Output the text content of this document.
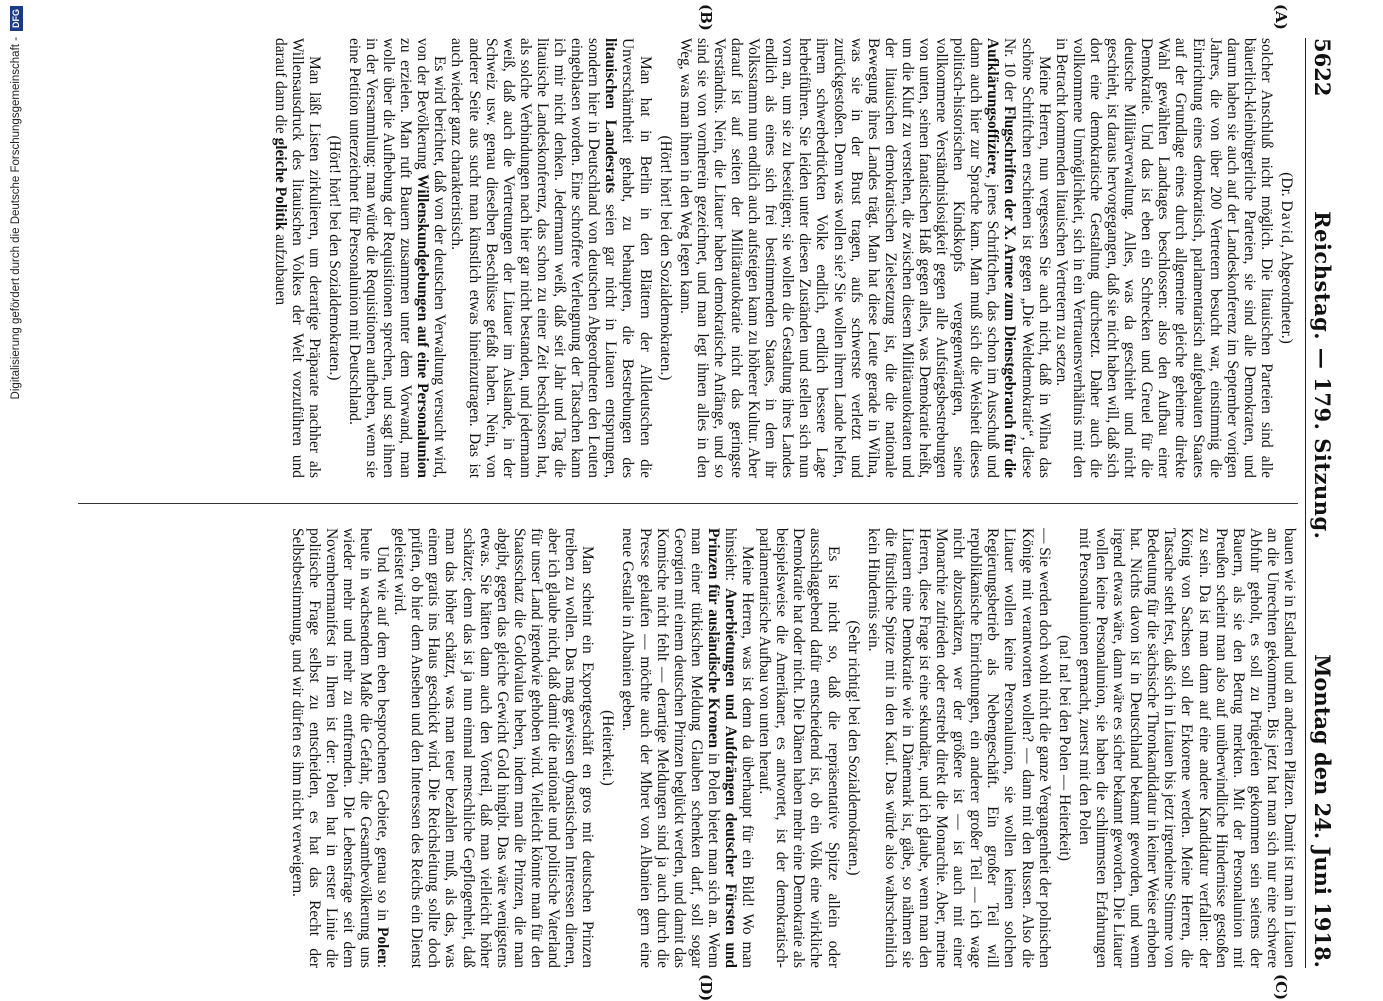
5622
Reichstag. — 179. Sitzung.
Montag den 24. Juni 1918.
(A)
(B)
(C)
(D)

(Dr. David, Abgeordneter.)

solcher Anschluß nicht möglich. Die litauischen Parteien sind alle bäuerlich-kleinbürgerliche Parteien, sie sind alle Demokraten, und darum haben sie auch auf der Landeskonferenz im September vorigen Jahres, die von über 200 Vertretern besucht war, einstimmig die Einrichtung eines demokratisch, parlamentarisch aufgebauten Staates auf der Grundlage eines durch allgemeine gleiche geheime direkte Wahl gewählten Landtages beschlossen: also den Aufbau einer Demokratie. Und das ist eben ein Schrecken und Greuel für die deutsche Militärverwaltung. Alles, was da geschieht und nicht geschieht, ist daraus hervorgegangen, daß sie nicht haben will, daß sich dort eine demokratische Gestaltung durchsetzt. Daher auch die vollkommene Unmöglichkeit, sich in ein Vertrauensverhältnis mit den in Betracht kommenden litauischen Vertretern zu setzen.

Meine Herren, nun vergessen Sie auch nicht, daß in Wilna das schöne Schriftchen erschienen ist gegen „Die Weltdemokratie“, diese Nr. 10 der Flugschriften der X. Armee zum Dienstgebrauch für die Aufklärungsoffiziere, jenes Schriftchen, das schon im Ausschuß und dann auch hier zur Sprache kam. Man muß sich die Weisheit dieses politisch-historischen Kindskopfs vergegenwärtigen, seine vollkommene Verständnislosigkeit gegen alle Aufstiegsbestrebungen von unten, seinen fanatischen Haß gegen alles, was Demokratie heißt, um die Kluft zu verstehen, die zwischen diesem Militärautokraten und der litauischen demokratischen Zielsetzung ist, die die nationale Bewegung ihres Landes trägt. Man hat diese Leute gerade in Wilna, was sie in der Brust tragen, aufs schwerste verletzt und zurückgestoßen. Denn was wollen sie? Sie wollen ihrem Lande helfen, ihrem schwerbedrückten Volke endlich, endlich bessere Lage herbeiführen. Sie leiden unter diesen Zuständen und stellen sich nun vorn an, um sie zu beseitigen; sie wollen die Gestaltung ihres Landes endlich als eines sich frei bestimmenden Staates, in dem ihr Volksstamm nun endlich auch aufsteigen kann zu höherer Kultur. Aber darauf ist auf seiten der Militärautokratie nicht das geringste Verständnis. Nein, die Litauer haben demokratische Anfänge, und so sind sie von vornherein gezeichnet, und man legt ihnen alles in den Weg, was man ihnen in den Weg legen kann.

(Hört! hört! bei den Sozialdemokraten.)

Man hat in Berlin in den Blättern der Alldeutschen die Unverschämtheit gehabt, zu behaupten, die Bestrebungen des litauischen Landesrats seien gar nicht in Litauen entsprungen, sondern hier in Deutschland von deutschen Abgeordneten den Leuten eingeblasen worden. Eine schroffere Verleugnung der Tatsachen kann ich mir nicht denken. Jedermann weiß, daß seit Jahr und Tag die litauische Landeskonferenz, das schon zu einer Zeit beschlossen hat, als solche Verbindungen nach hier gar nicht bestanden, und jedermann weiß, daß auch die Vertretungen der Litauer im Auslande, in der Schweiz usw. genau dieselben Beschlüsse gefaßt haben. Nein, von anderer Seite aus sucht man künstlich etwas hineinzutragen. Das ist auch wieder ganz charakteristisch.

Es wird berichtet, daß von der deutschen Verwaltung versucht wird, von der Bevölkerung Willenskundgebungen auf eine Personalunion zu erzielen. Man ruft Bauern zusammen unter dem Vorwand, man wolle über die Aufhebung der Requisitionen sprechen, und sagt ihnen in der Versammlung: man würde die Requisitionen aufheben, wenn sie eine Petition unterzeichnet für Personalunion mit Deutschland.

(Hört! hört! bei den Sozialdemokraten.)

Man läßt Listen zirkulieren, um derartige Präparate nachher als Willensausdruck des litauischen Volkes der Welt vorzuführen und darauf dann die gleiche Politik aufzubauen

bauen wie in Estland und an anderen Plätzen. Damit ist man in Litauen an die Unrechten gekommen. Bis jetzt hat man sich nur eine schwere Abfuhr geholt, es soll zu Prügeleien gekommen sein seitens der Bauern, als sie den Betrug merkten. Mit der Personalunion mit Preußen scheint man also auf unüberwindliche Hindernisse gestoßen zu sein. Da ist man dann auf eine andere Kandidatur verfallen: der König von Sachsen soll der Erkorene werden. Meine Herren, die Tatsache steht fest, daß sich in Litauen bis jetzt irgendeine Stimme von Bedeutung für die sächsische Thronkandidatur in keiner Weise erhoben hat. Nichts davon ist in Deutschland bekannt geworden, und wenn irgend etwas wäre, dann wäre es sicher bekannt geworden. Die Litauer wollen keine Personalunion, sie haben die schlimmsten Erfahrungen mit Personalunionen gemacht, zuerst mit den Polen

(na! na! bei den Polen — Heiterkeit)

— Sie werden doch wohl nicht die ganze Vergangenheit der polnischen Könige mit verantworten wollen? — dann mit den Russen. Also die Litauer wollen keine Personalunion, sie wollen keinen solchen Regierungsbetrieb als Nebengeschäft. Ein großer Teil will republikanische Einrichtungen, ein anderer großer Teil — ich wage nicht abzuschätzen, wer der größere ist — ist auch mit einer Monarchie zufrieden oder erstrebt direkt die Monarchie. Aber, meine Herren, diese Frage ist eine sekundäre, und ich glaube, wenn man den Litauern eine Demokratie wie in Dänemark ist, gäbe, so nähmen sie die fürstliche Spitze mit in den Kauf. Das würde also wahrscheinlich kein Hindernis sein.

(Sehr richtig! bei den Sozialdemokraten.)

Es ist nicht so, daß die repräsentative Spitze allein oder ausschlaggebend dafür entscheidend ist, ob ein Volk eine wirkliche Demokratie hat oder nicht. Die Dänen haben mehr eine Demokratie als beispielsweise die Amerikaner, es antwortet, ist der demokratisch-parlamentarische Aufbau von unten herauf.

Meine Herren, was ist denn da überhaupt für ein Bild! Wo man hinsieht: Anerbietungen und Aufdrängen deutscher Fürsten und Prinzen für ausländische Kronen in Polen bietet man sich an. Wenn man einer türkischen Meldung Glauben schenken darf, soll sogar Georgien mit einem deutschen Prinzen beglückt werden, und damit das Komische nicht fehlt — derartige Meldungen sind ja auch durch die Presse gelaufen — möchte auch der Mbret von Albanien gern eine neue Gestalle in Albanien geben.

(Heiterkeit.)

Man scheint ein Exportgeschäft en gros mit deutschen Prinzen treiben zu wollen. Das mag gewissen dynastischen Interessen dienen, aber ich glaube nicht, daß damit die nationale und politische Vaterland für unser Land irgendwie gehoben wird. Vielleicht könnte man für den Staatsschatz die Goldvaluta heben, indem man die Prinzen, die man abgibt, gegen das gleiche Gewicht Gold hingibt. Das wäre wenigstens etwas. Sie hätten dann auch den Vorteil, daß man vielleicht höher schätzte; denn das ist ja nun einmal menschliche Gepflogenheit, daß man das höher schätzt, was man teuer bezahlen muß, als das, was einem gratis ins Haus geschickt wird. Die Reichsleitung sollte doch prüfen, ob hier dem Ansehen und den Interessen des Reichs ein Dienst geleistet wird.

Und wie auf dem eben besprochenen Gebiete, genau so in Polen: heute in wachsendem Maße die Gefahr, die Gesamtbevölkerung uns wieder mehr und mehr zu entfremden. Die Lebensfrage seit dem Novembermanifest in Ihren ist der: Polen hat in erster Linie die politische Frage selbst zu entscheiden, es hat das Recht der Selbstbestimmung, und wir dürfen es ihm nicht verweigern.

Digitalisierung gefördert durch die Deutsche Forschungsgemeinschaft -
DFG
